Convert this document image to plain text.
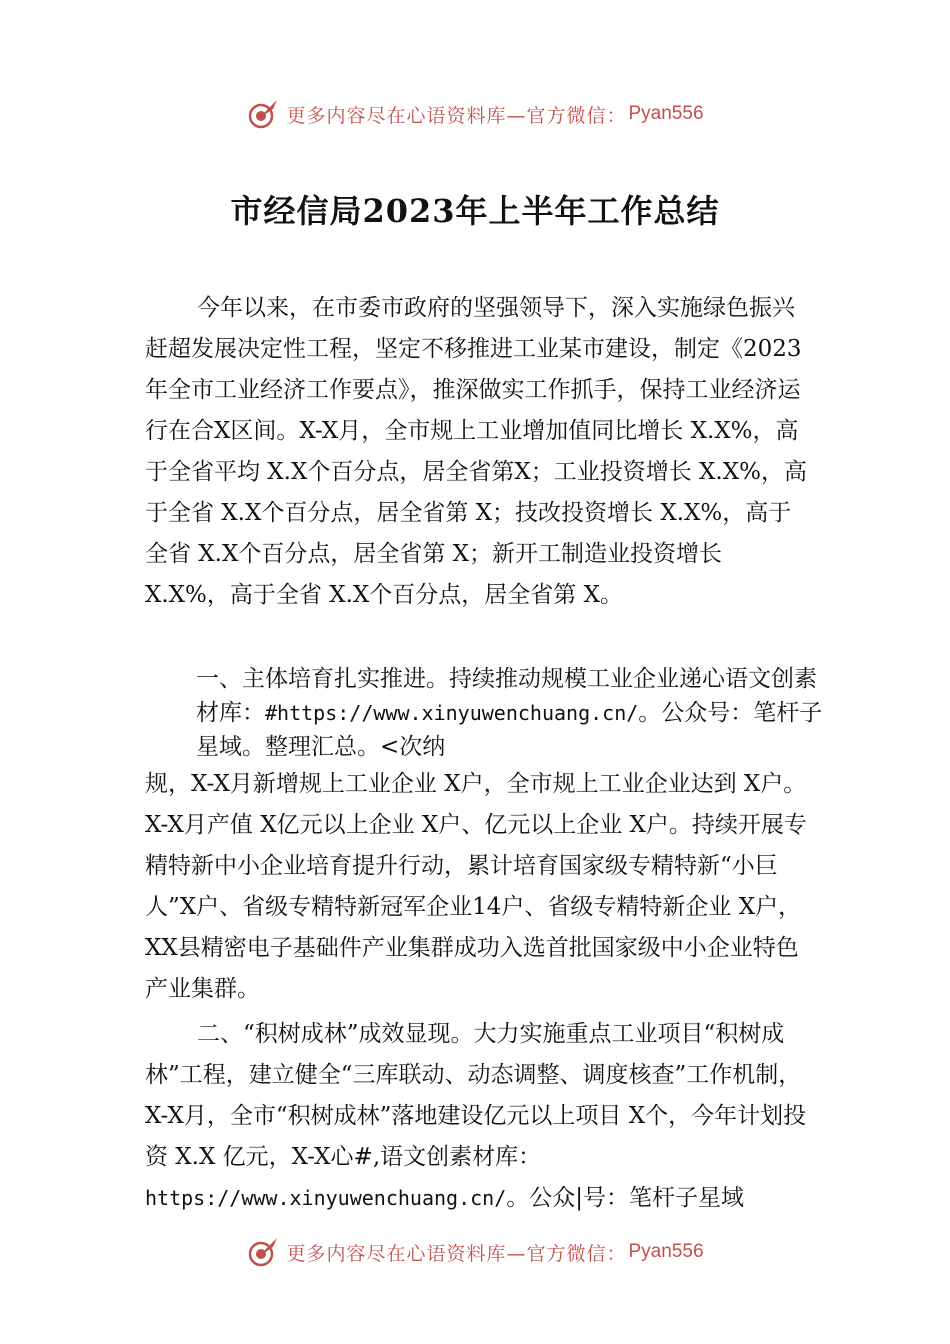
更多内容尽在心语资料库—官方微信： Pyan556
市经信局2023年上半年工作总结
今年以来，在市委市政府的坚强领导下，深入实施绿色振兴赶超发展决定性工程，坚定不移推进工业某市建设，制定《2023 年全市工业经济工作要点》，推深做实工作抓手，保持工业经济运行在合X区间。X-X月，全市规上工业增加值同比增长 X.X%，高于全省平均 X.X个百分点，居全省第X；工业投资增长 X.X%，高于全省 X.X个百分点，居全省第 X；技改投资增长 X.X%，高于全省 X.X个百分点，居全省第 X；新开工制造业投资增长 X.X%，高于全省 X.X个百分点，居全省第 X。
一、主体培育扎实推进。持续推动规模工业企业递心语文创素材库：#https://www.xinyuwenchuang.cn/。公众号：笔杆子星域。整理汇总。<次纳
规，X-X月新增规上工业企业 X户，全市规上工业企业达到 X户。X-X月产值 X亿元以上企业 X户、亿元以上企业 X户。持续开展专精特新中小企业培育提升行动，累计培育国家级专精特新“小巨人”X户、省级专精特新冠军企业14户、省级专精特新企业 X户，XX县精密电子基础件产业集群成功入选首批国家级中小企业特色产业集群。
二、“积树成林”成效显现。大力实施重点工业项目“积树成林”工程，建立健全“三库联动、动态调整、调度核查”工作机制，X-X月，全市“积树成林”落地建设亿元以上项目 X个，今年计划投资 X.X 亿元，X-X心#,语文创素材库：https://www.xinyuwenchuang.cn/。公众|号：笔杆子星域
更多内容尽在心语资料库—官方微信： Pyan556
